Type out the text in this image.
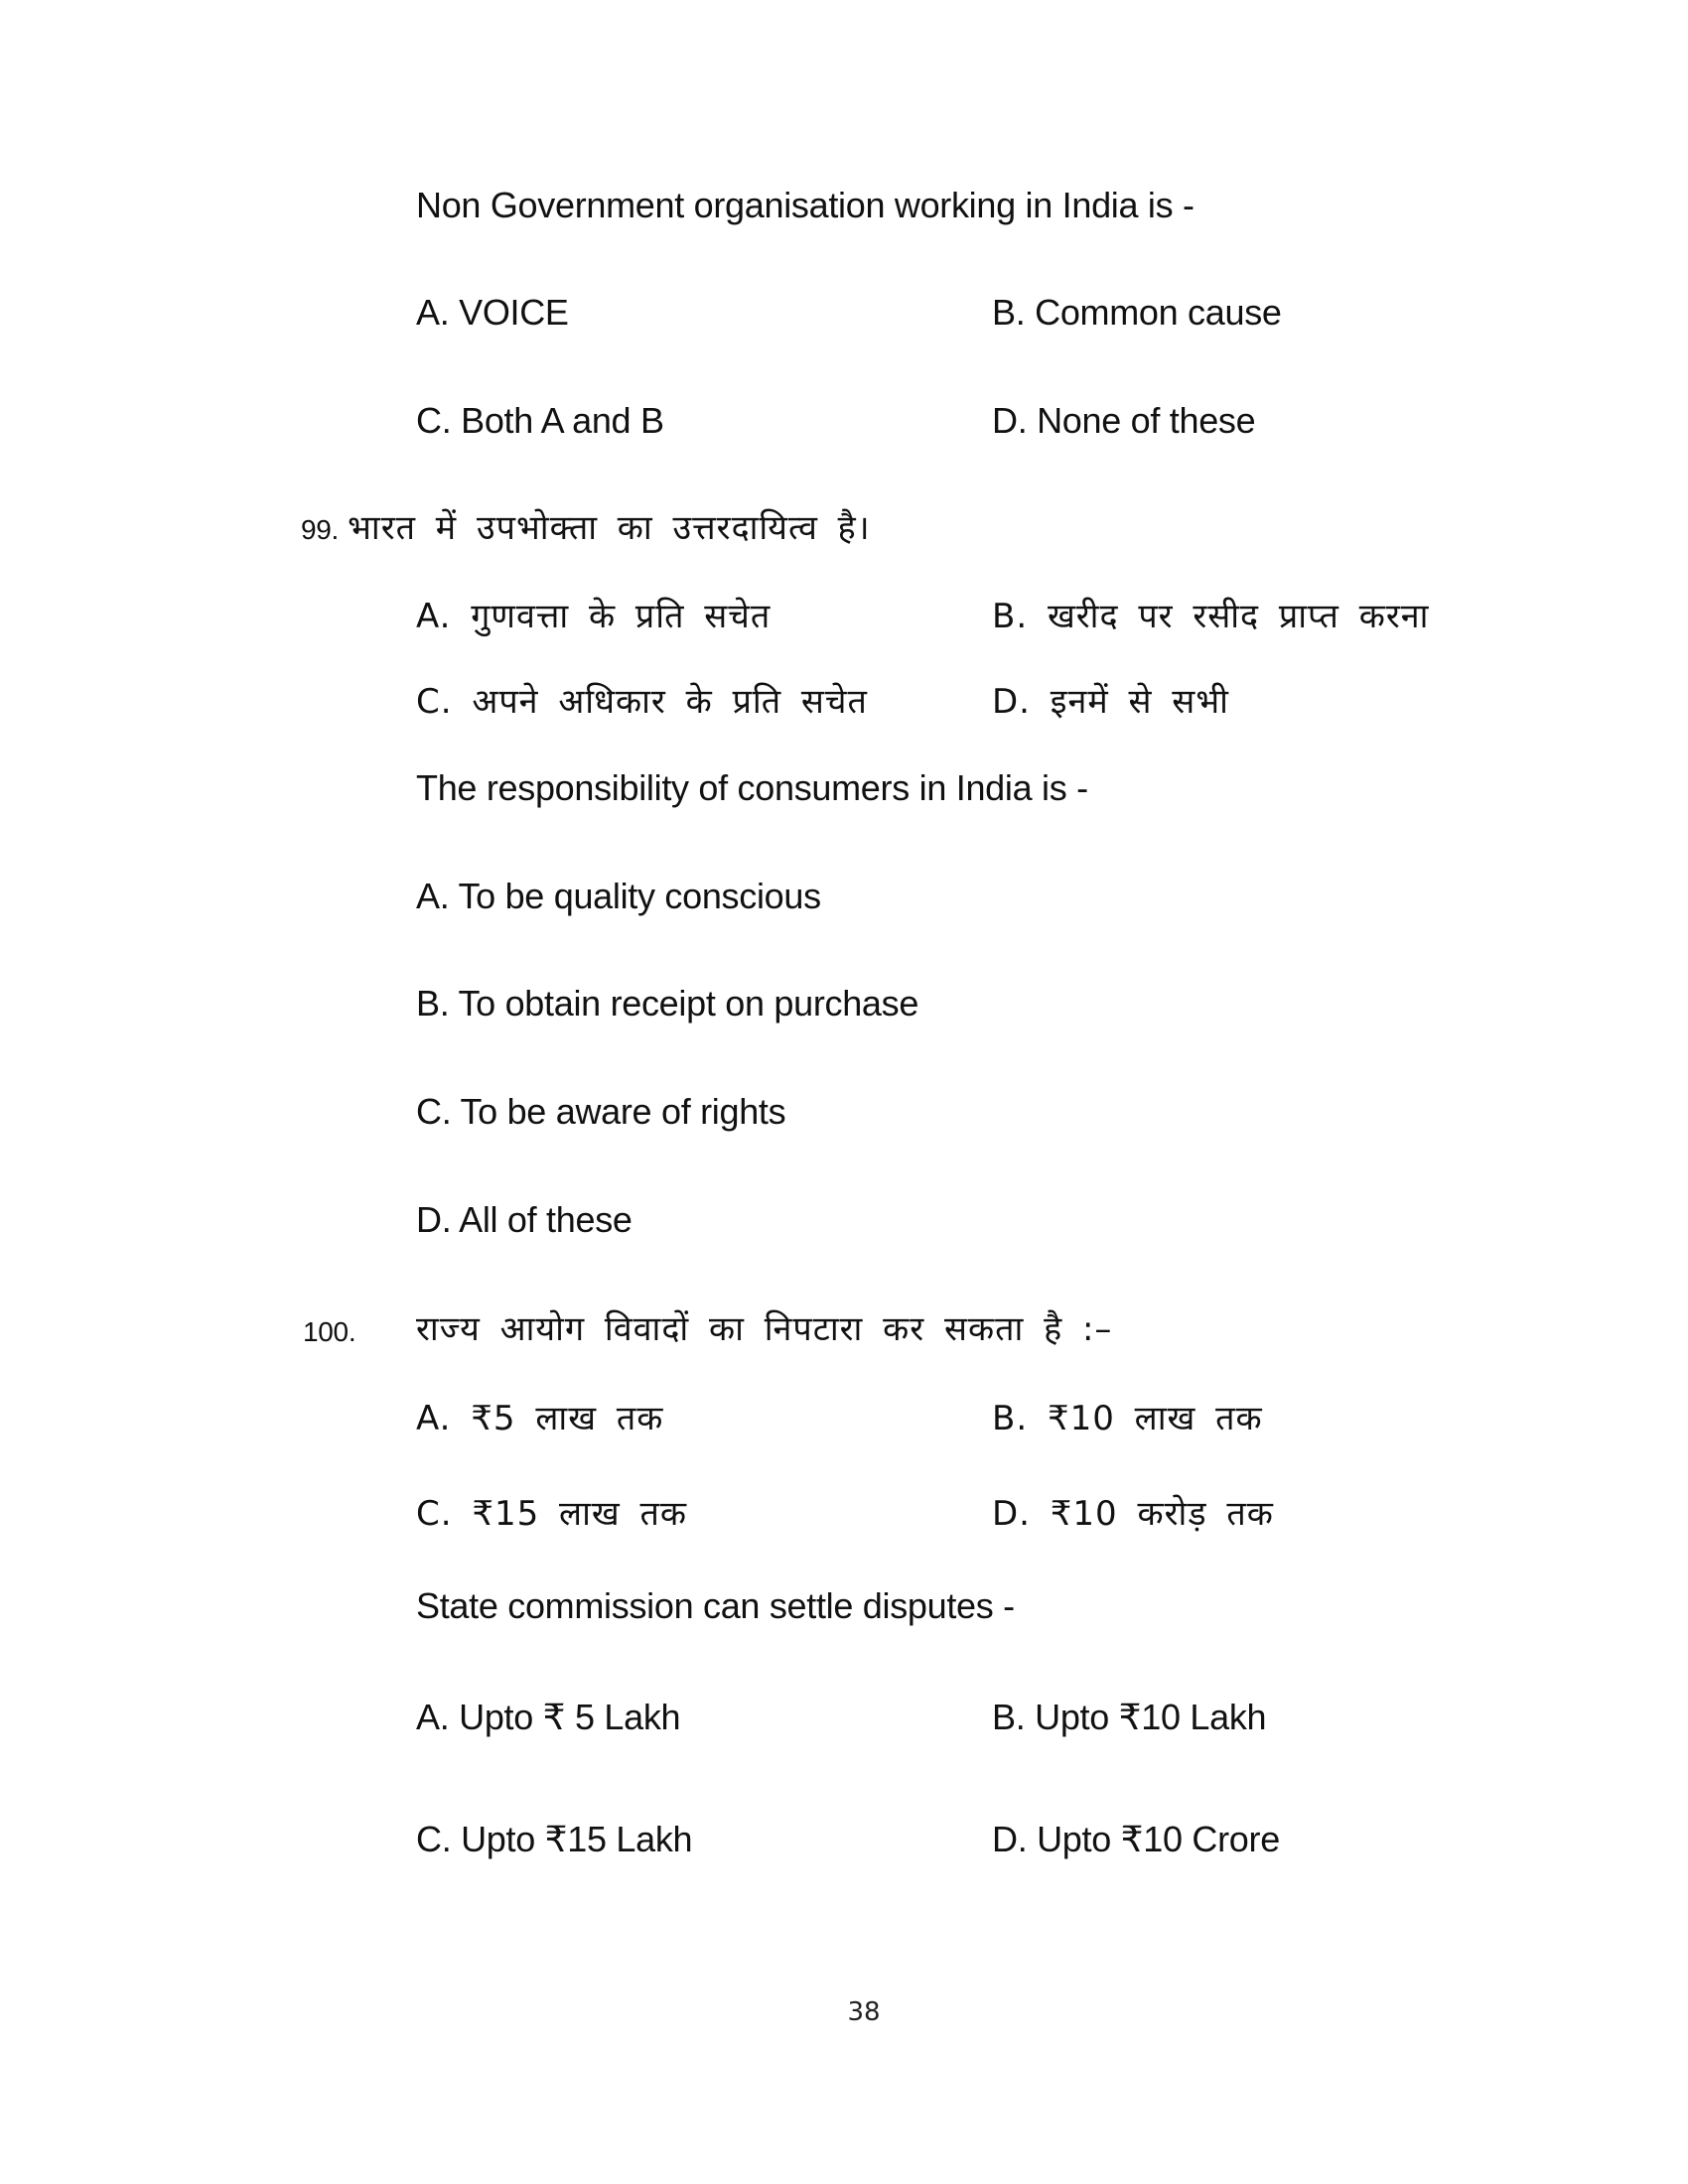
Non Government organisation working in India is -
A. VOICE	B. Common cause
C. Both A and B	D. None of these
99. भारत में उपभोक्ता का उत्तरदायित्व है।
A. गुणवत्ता के प्रति सचेत	B. खरीद पर रसीद प्राप्त करना
C. अपने अधिकार के प्रति सचेत	D. इनमें से सभी
The responsibility of consumers in India is -
A. To be quality conscious
B. To obtain receipt on purchase
C. To be aware of rights
D. All of these
100. राज्य आयोग विवादों का निपटारा कर सकता है :–
A. ₹5 लाख तक	B. ₹10 लाख तक
C. ₹15 लाख तक	D. ₹10 करोड़ तक
State commission can settle disputes -
A. Upto ₹ 5 Lakh	B. Upto ₹10 Lakh
C. Upto ₹15 Lakh	D. Upto ₹10 Crore
38
